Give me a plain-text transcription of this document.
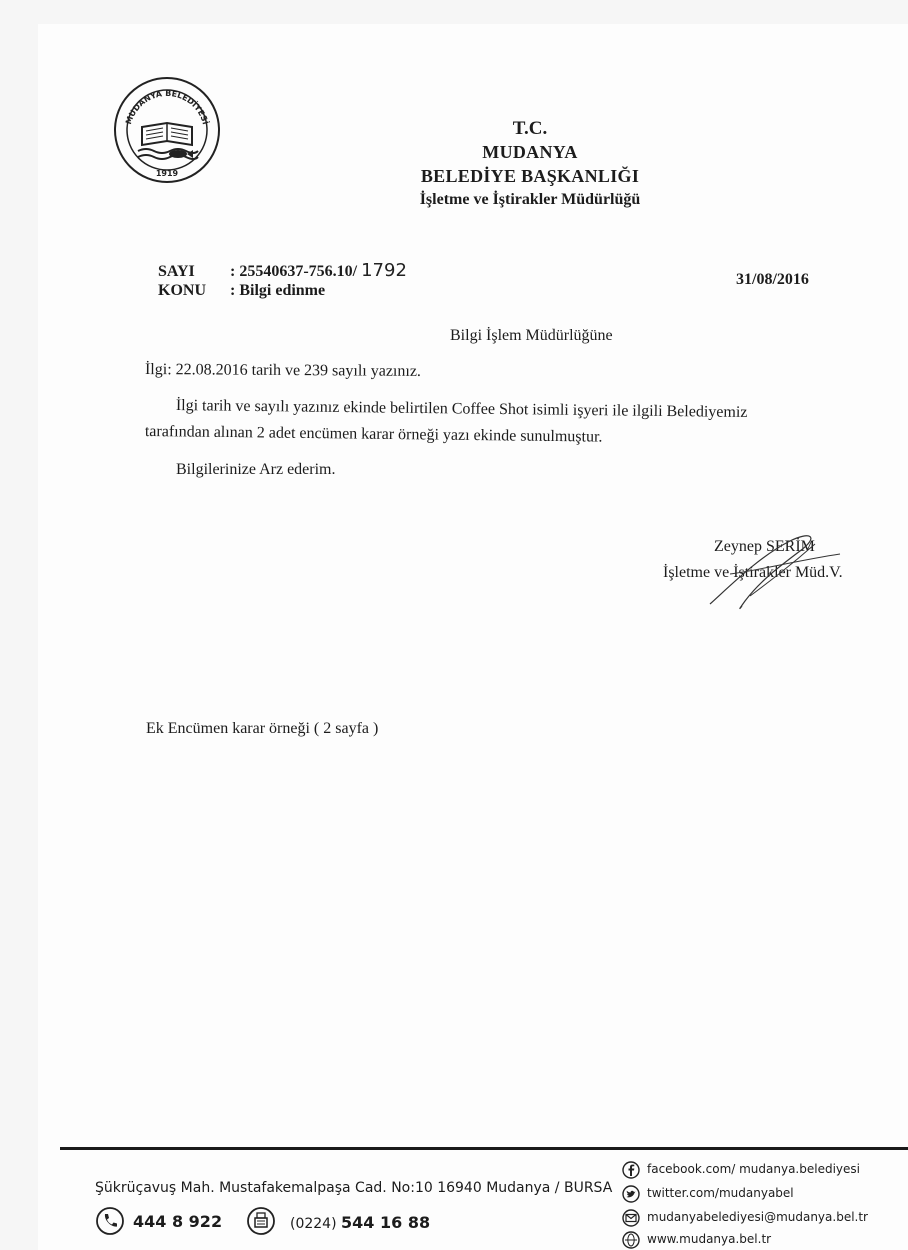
MUDANYA BELEDİYESİ
1919
T.C.
MUDANYA
BELEDİYE BAŞKANLIĞI
İşletme ve İştirakler Müdürlüğü
SAYI : 25540637-756.10/ 1792
KONU : Bilgi edinme
31/08/2016
Bilgi İşlem Müdürlüğüne
İlgi: 22.08.2016 tarih ve 239 sayılı yazınız.
İlgi tarih ve sayılı yazınız ekinde belirtilen Coffee Shot isimli işyeri ile ilgili Belediyemiz
tarafından alınan 2 adet encümen karar örneği yazı ekinde sunulmuştur.
Bilgilerinize Arz ederim.
Zeynep SERİM
İşletme ve İştirakler Müd.V.
Ek Encümen karar örneği ( 2 sayfa )
Şükrüçavuş Mah. Mustafakemalpaşa Cad. No:10 16940 Mudanya / BURSA
444 8 922	(0224) 544 16 88
facebook.com/ mudanya.belediyesi
twitter.com/mudanyabel
mudanyabelediyesi@mudanya.bel.tr
www.mudanya.bel.tr
